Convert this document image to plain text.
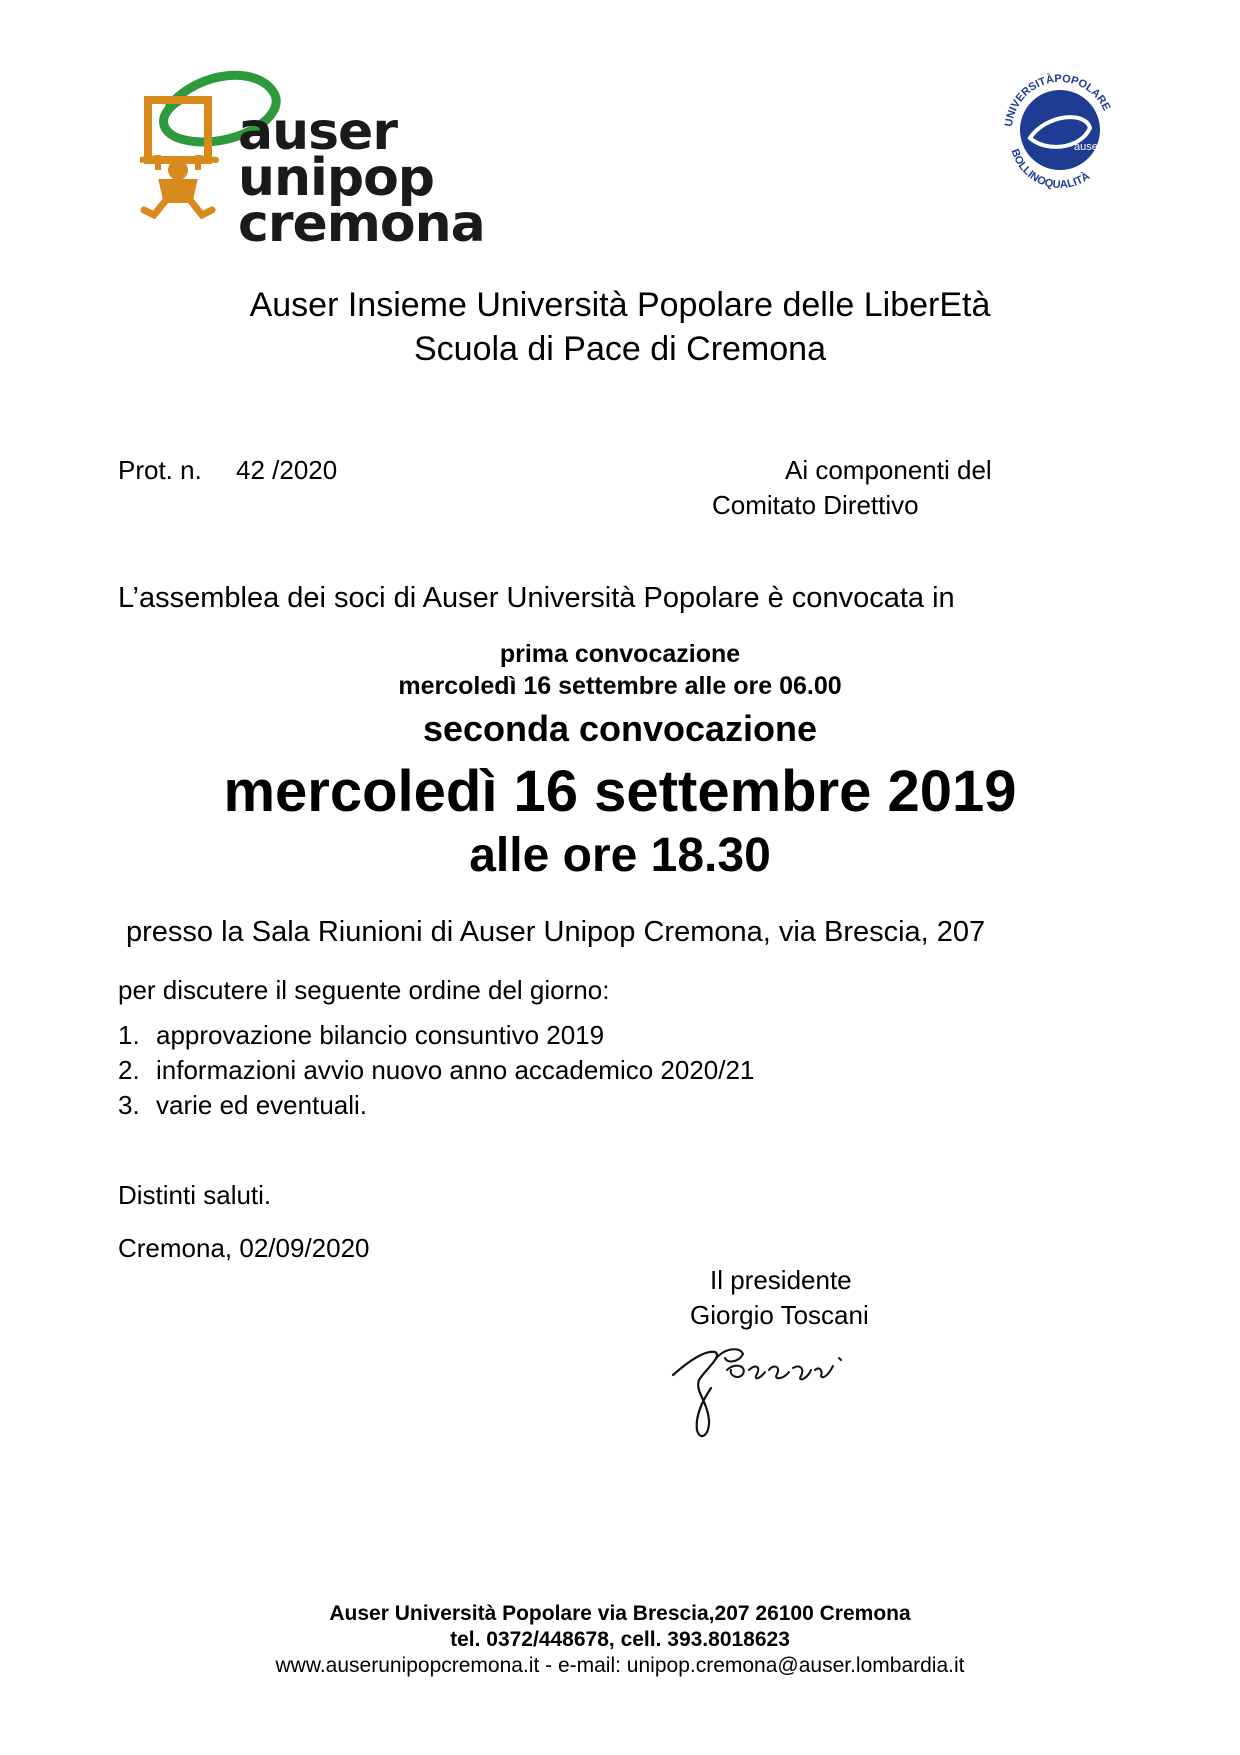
auser
unipop
cremona
UNIVERSITÀPOPOLARE
BOLLINOQUALITÀ
auser
Auser Insieme Università Popolare delle LiberEtà
Scuola di Pace di Cremona
Prot. n. 42 /2020	Ai componenti del
Comitato Direttivo
L’assemblea dei soci di Auser Università Popolare è convocata in
prima convocazione
mercoledì 16 settembre alle ore 06.00
seconda convocazione
mercoledì 16 settembre 2019
alle ore 18.30
presso la Sala Riunioni di Auser Unipop Cremona, via Brescia, 207
per discutere il seguente ordine del giorno:
1. approvazione bilancio consuntivo 2019
2. informazioni avvio nuovo anno accademico 2020/21
3. varie ed eventuali.
Distinti saluti.
Cremona, 02/09/2020
Il presidente
Giorgio Toscani
Auser Università Popolare via Brescia,207 26100 Cremona
tel. 0372/448678, cell. 393.8018623
www.auserunipopcremona.it - e-mail: unipop.cremona@auser.lombardia.it
